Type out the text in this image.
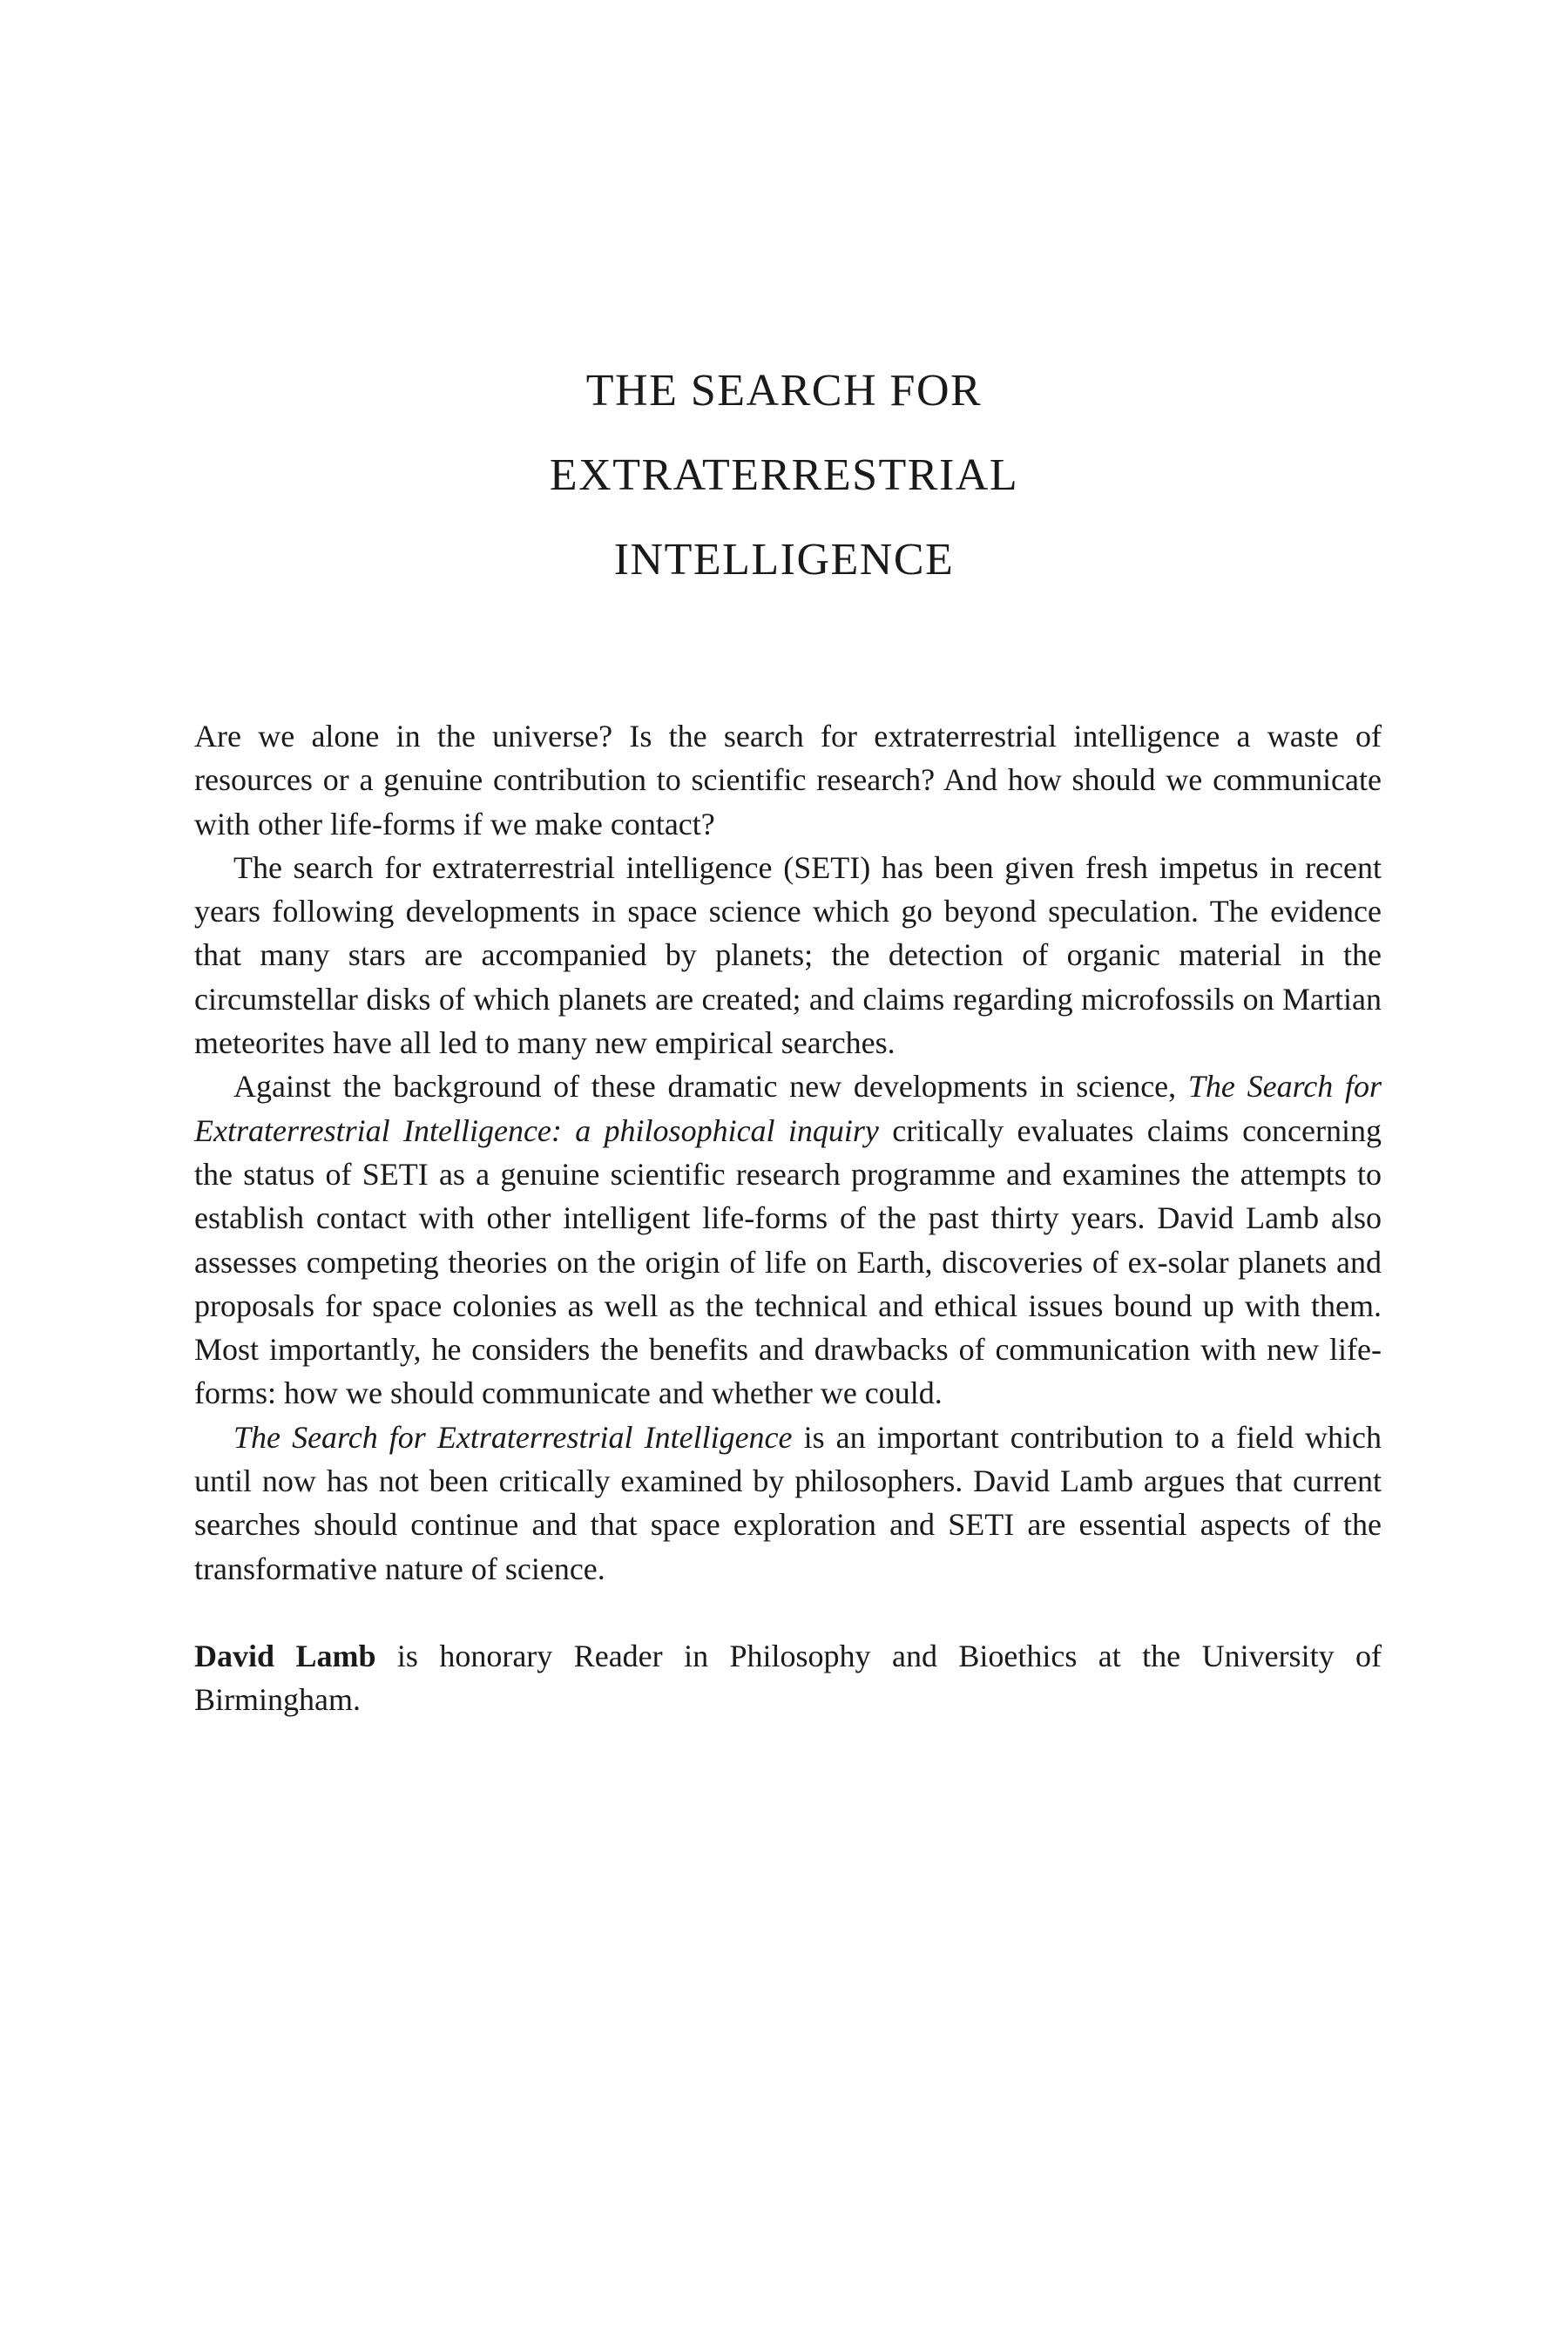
THE SEARCH FOR
EXTRATERRESTRIAL
INTELLIGENCE

Are we alone in the universe? Is the search for extraterrestrial intelligence a waste of resources or a genuine contribution to scientific research? And how should we communicate with other life-forms if we make contact?

The search for extraterrestrial intelligence (SETI) has been given fresh impetus in recent years following developments in space science which go beyond speculation. The evidence that many stars are accompanied by planets; the detection of organic material in the circumstellar disks of which planets are created; and claims regarding microfossils on Martian meteorites have all led to many new empirical searches.

Against the background of these dramatic new developments in science, The Search for Extraterrestrial Intelligence: a philosophical inquiry critically evaluates claims concerning the status of SETI as a genuine scientific research programme and examines the attempts to establish contact with other intelligent life-forms of the past thirty years. David Lamb also assesses competing theories on the origin of life on Earth, discoveries of ex-solar planets and proposals for space colonies as well as the technical and ethical issues bound up with them. Most importantly, he considers the benefits and drawbacks of communication with new life-forms: how we should communicate and whether we could.

The Search for Extraterrestrial Intelligence is an important contribution to a field which until now has not been critically examined by philosophers. David Lamb argues that current searches should continue and that space exploration and SETI are essential aspects of the transformative nature of science.

David Lamb is honorary Reader in Philosophy and Bioethics at the University of Birmingham.
